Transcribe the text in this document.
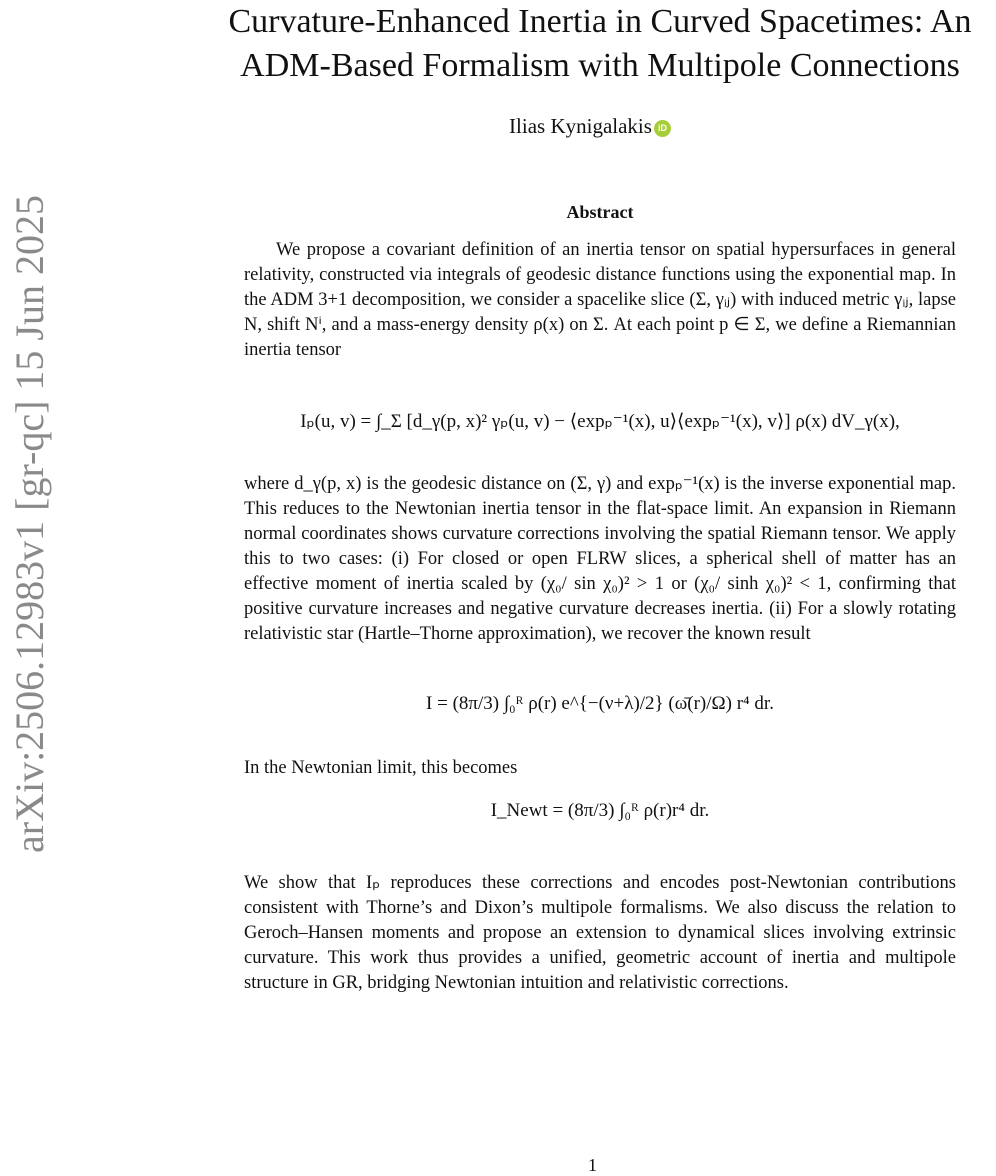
arXiv:2506.12983v1 [gr-qc] 15 Jun 2025
Curvature-Enhanced Inertia in Curved Spacetimes: An ADM-Based Formalism with Multipole Connections
Ilias Kynigalakis iD
Abstract
We propose a covariant definition of an inertia tensor on spatial hypersurfaces in general relativity, constructed via integrals of geodesic distance functions using the exponential map. In the ADM 3+1 decomposition, we consider a spacelike slice (Σ, γᵢⱼ) with induced metric γᵢⱼ, lapse N, shift Nⁱ, and a mass-energy density ρ(x) on Σ. At each point p ∈ Σ, we define a Riemannian inertia tensor
Iₚ(u, v) = ∫_Σ [d_γ(p, x)² γₚ(u, v) − ⟨expₚ⁻¹(x), u⟩⟨expₚ⁻¹(x), v⟩] ρ(x) dV_γ(x),
where d_γ(p, x) is the geodesic distance on (Σ, γ) and expₚ⁻¹(x) is the inverse exponential map. This reduces to the Newtonian inertia tensor in the flat-space limit. An expansion in Riemann normal coordinates shows curvature corrections involving the spatial Riemann tensor. We apply this to two cases: (i) For closed or open FLRW slices, a spherical shell of matter has an effective moment of inertia scaled by (χ₀/ sin χ₀)² > 1 or (χ₀/ sinh χ₀)² < 1, confirming that positive curvature increases and negative curvature decreases inertia. (ii) For a slowly rotating relativistic star (Hartle–Thorne approximation), we recover the known result
I = (8π/3) ∫₀ᴿ ρ(r) e^{−(ν+λ)/2} (ω̄(r)/Ω) r⁴ dr.
In the Newtonian limit, this becomes
I_Newt = (8π/3) ∫₀ᴿ ρ(r)r⁴ dr.
We show that Iₚ reproduces these corrections and encodes post-Newtonian contributions consistent with Thorne’s and Dixon’s multipole formalisms. We also discuss the relation to Geroch–Hansen moments and propose an extension to dynamical slices involving extrinsic curvature. This work thus provides a unified, geometric account of inertia and multipole structure in GR, bridging Newtonian intuition and relativistic corrections.
1
